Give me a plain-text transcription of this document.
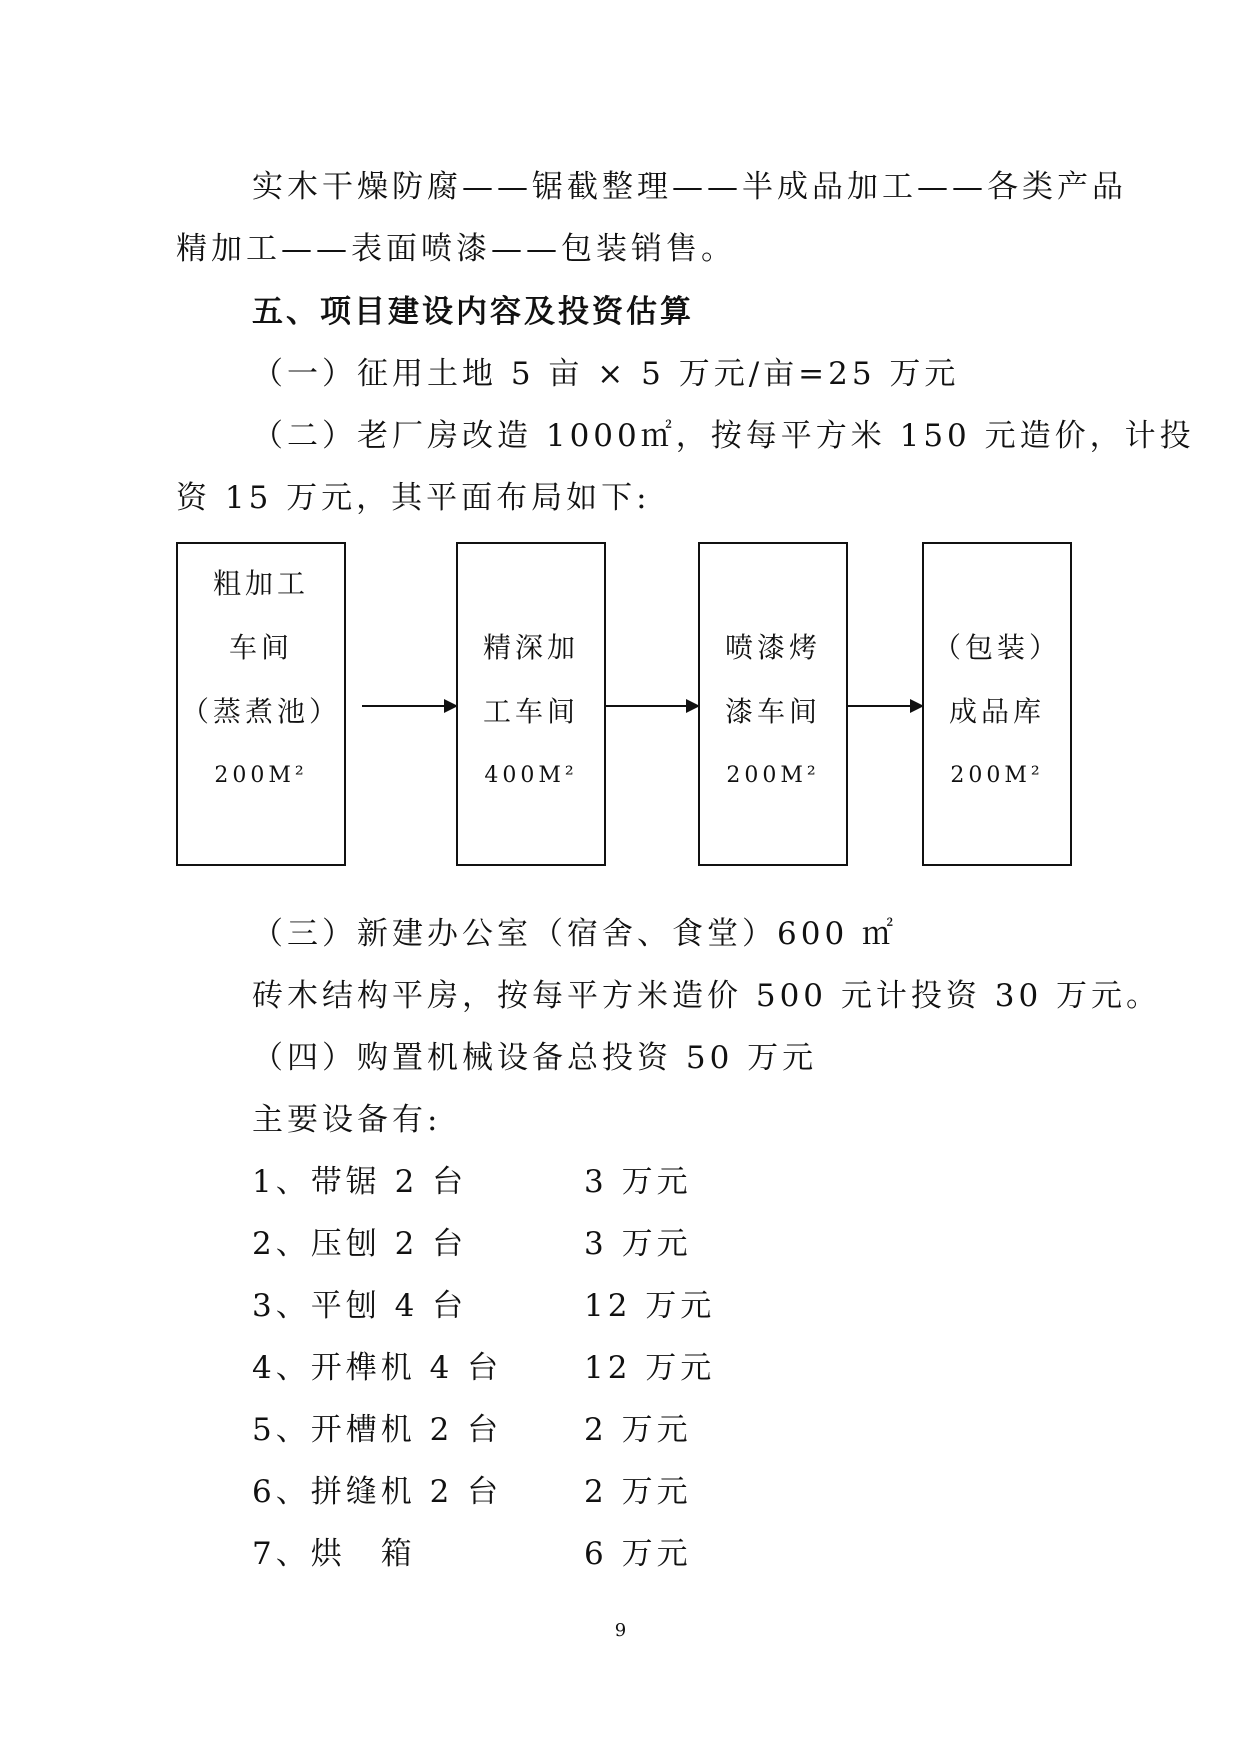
实木干燥防腐——锯截整理——半成品加工——各类产品
精加工——表面喷漆——包装销售。
五、项目建设内容及投资估算
（一）征用土地 5 亩 × 5 万元/亩=25 万元
（二）老厂房改造 1000㎡，按每平方米 150 元造价，计投
资 15 万元，其平面布局如下:
粗加工
车间
（蒸煮池）
200M²
精深加
工车间
400M²
喷漆烤
漆车间
200M²
（包装）
成品库
200M²
（三）新建办公室（宿舍、食堂）600 ㎡
砖木结构平房，按每平方米造价 500 元计投资 30 万元。
（四）购置机械设备总投资 50 万元
主要设备有:
1、带锯 2 台	3 万元
2、压刨 2 台	3 万元
3、平刨 4 台	12 万元
4、开榫机 4 台	12 万元
5、开槽机 2 台	2 万元
6、拼缝机 2 台	2 万元
7、烘　箱	6 万元
9
